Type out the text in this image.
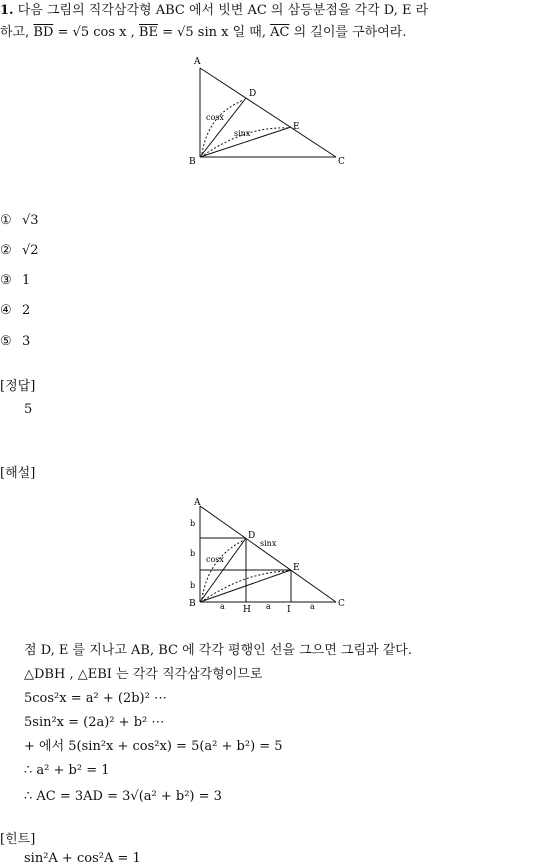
1. 다음 그림의 직각삼각형 ABC 에서 빗변 AC 의 삼등분점을 각각 D, E 라
하고, $\overline{BD} = √5$ cos x , $\overline{BE} = √5$ sin x 일 때, $\overline{AC}$ 의 길이를 구하여라.
A
B	C
D
E
cosx
sinx
① √3
② √2
③ 1
④ 2
⑤ 3
[정답]
5
[해설]
A
B	C
D
E
H	I
cosx
sinx
b
b
b
a	a	a
점 D, E 를 지나고 AB, BC 에 각각 평행인 선을 그으면 그림과 같다.
△DBH , △EBI 는 각각 직각삼각형이므로
5cos²x = a² + (2b)² ⋯
5sin²x = (2a)² + b² ⋯
+ 에서 5(sin²x + cos²x) = 5(a² + b²) = 5
∴ a² + b² = 1
∴ AC = 3AD = 3√(a² + b²) = 3
[힌트]
sin²A + cos²A = 1
